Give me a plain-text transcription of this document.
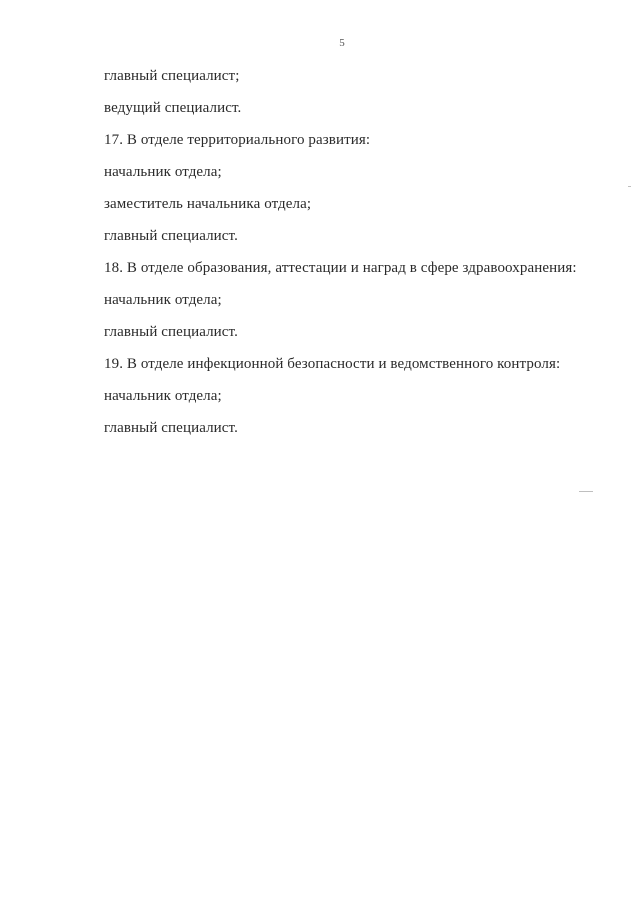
5
главный специалист;
ведущий специалист.
17. В отделе территориального развития:
начальник отдела;
заместитель начальника отдела;
главный специалист.
18. В отделе образования, аттестации и наград в сфере здравоохранения:
начальник отдела;
главный специалист.
19. В отделе инфекционной безопасности и ведомственного контроля:
начальник отдела;
главный специалист.
